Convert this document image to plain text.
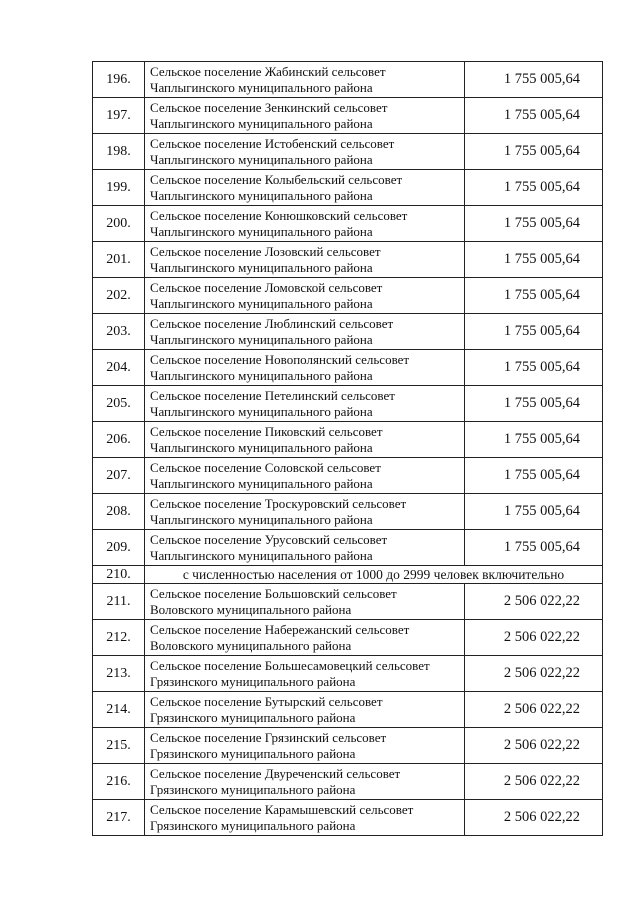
196.	Сельское поселение Жабинский сельсовет
Чаплыгинского муниципального района	1 755 005,64
197.	Сельское поселение Зенкинский сельсовет
Чаплыгинского муниципального района	1 755 005,64
198.	Сельское поселение Истобенский сельсовет
Чаплыгинского муниципального района	1 755 005,64
199.	Сельское поселение Колыбельский сельсовет
Чаплыгинского муниципального района	1 755 005,64
200.	Сельское поселение Конюшковский сельсовет
Чаплыгинского муниципального района	1 755 005,64
201.	Сельское поселение Лозовский сельсовет
Чаплыгинского муниципального района	1 755 005,64
202.	Сельское поселение Ломовской сельсовет
Чаплыгинского муниципального района	1 755 005,64
203.	Сельское поселение Люблинский сельсовет
Чаплыгинского муниципального района	1 755 005,64
204.	Сельское поселение Новополянский сельсовет
Чаплыгинского муниципального района	1 755 005,64
205.	Сельское поселение Петелинский сельсовет
Чаплыгинского муниципального района	1 755 005,64
206.	Сельское поселение Пиковский сельсовет
Чаплыгинского муниципального района	1 755 005,64
207.	Сельское поселение Соловской сельсовет
Чаплыгинского муниципального района	1 755 005,64
208.	Сельское поселение Троскуровский сельсовет
Чаплыгинского муниципального района	1 755 005,64
209.	Сельское поселение Урусовский сельсовет
Чаплыгинского муниципального района	1 755 005,64
210.	с численностью населения от 1000 до 2999 человек включительно	
211.	Сельское поселение Большовский сельсовет
Воловского муниципального района	2 506 022,22
212.	Сельское поселение Набережанский сельсовет
Воловского муниципального района	2 506 022,22
213.	Сельское поселение Большесамовецкий сельсовет
Грязинского муниципального района	2 506 022,22
214.	Сельское поселение Бутырский сельсовет
Грязинского муниципального района	2 506 022,22
215.	Сельское поселение Грязинский сельсовет
Грязинского муниципального района	2 506 022,22
216.	Сельское поселение Двуреченский сельсовет
Грязинского муниципального района	2 506 022,22
217.	Сельское поселение Карамышевский сельсовет
Грязинского муниципального района	2 506 022,22
